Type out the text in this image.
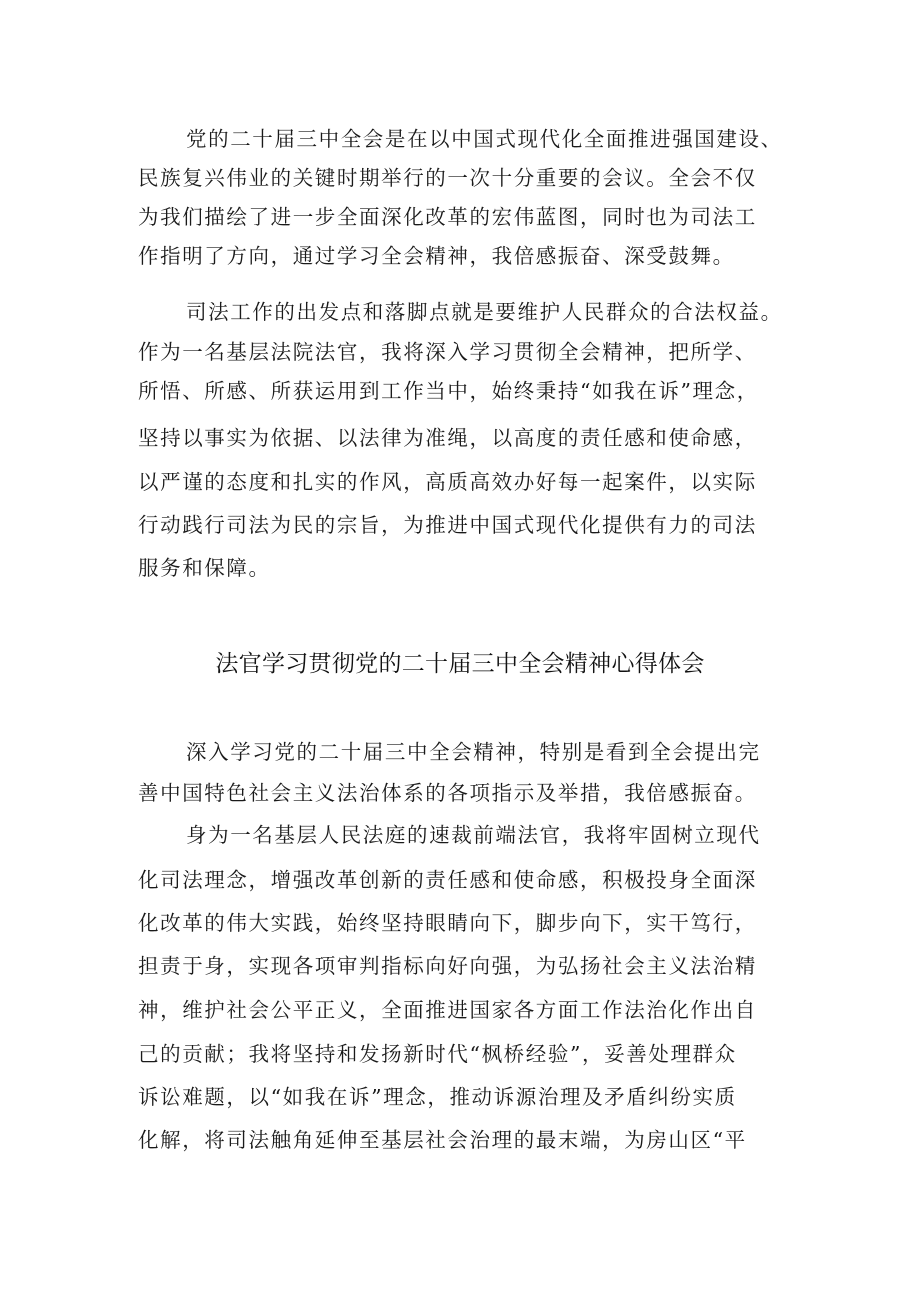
党的二十届三中全会是在以中国式现代化全面推进强国建设、
民族复兴伟业的关键时期举行的一次十分重要的会议。全会不仅
为我们描绘了进一步全面深化改革的宏伟蓝图，同时也为司法工
作指明了方向，通过学习全会精神，我倍感振奋、深受鼓舞。
司法工作的出发点和落脚点就是要维护人民群众的合法权益。
作为一名基层法院法官，我将深入学习贯彻全会精神，把所学、
所悟、所感、所获运用到工作当中，始终秉持“如我在诉”理念，
坚持以事实为依据、以法律为准绳，以高度的责任感和使命感，
以严谨的态度和扎实的作风，高质高效办好每一起案件，以实际
行动践行司法为民的宗旨，为推进中国式现代化提供有力的司法
服务和保障。
法官学习贯彻党的二十届三中全会精神心得体会
深入学习党的二十届三中全会精神，特别是看到全会提出完
善中国特色社会主义法治体系的各项指示及举措，我倍感振奋。
身为一名基层人民法庭的速裁前端法官，我将牢固树立现代
化司法理念，增强改革创新的责任感和使命感，积极投身全面深
化改革的伟大实践，始终坚持眼睛向下，脚步向下，实干笃行，
担责于身，实现各项审判指标向好向强，为弘扬社会主义法治精
神，维护社会公平正义，全面推进国家各方面工作法治化作出自
己的贡献；我将坚持和发扬新时代“枫桥经验”，妥善处理群众
诉讼难题，以“如我在诉”理念，推动诉源治理及矛盾纠纷实质
化解，将司法触角延伸至基层社会治理的最末端，为房山区“平
